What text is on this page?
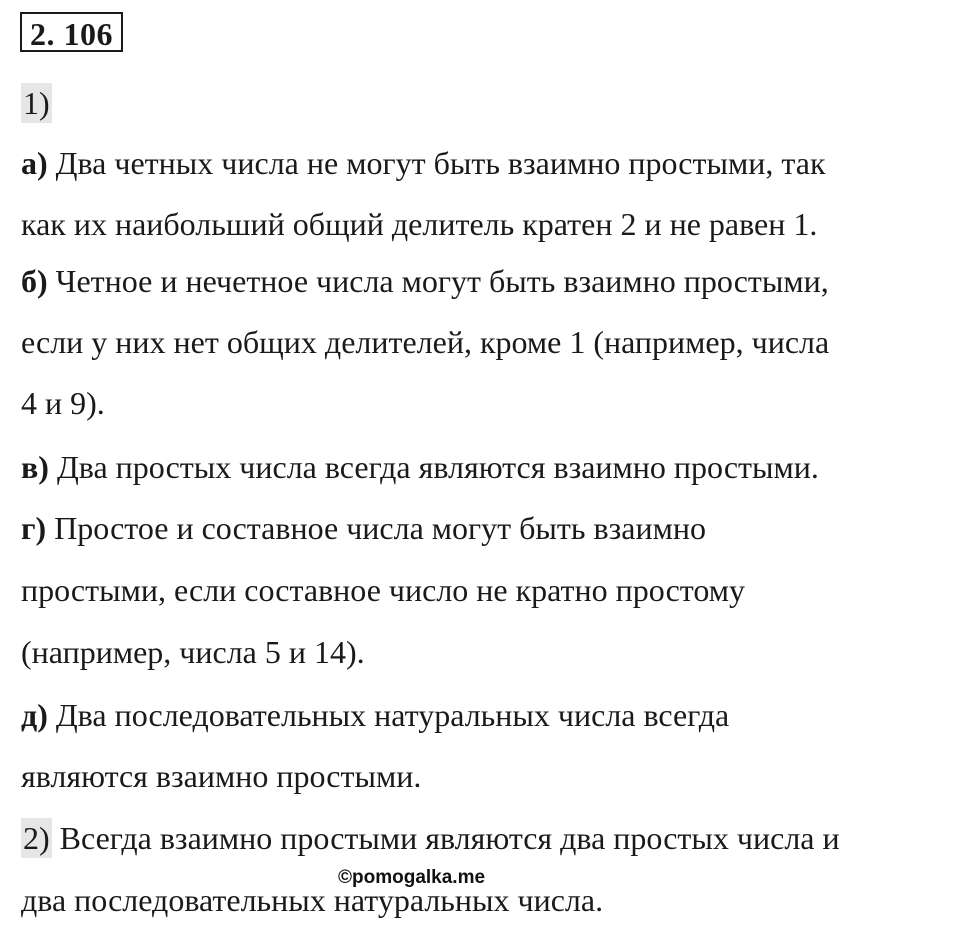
2. 106
1)
а) Два четных числа не могут быть взаимно простыми, так
как их наибольший общий делитель кратен 2 и не равен 1.
б) Четное и нечетное числа могут быть взаимно простыми,
если у них нет общих делителей, кроме 1 (например, числа
4 и 9).
в) Два простых числа всегда являются взаимно простыми.
г) Простое и составное числа могут быть взаимно
простыми, если составное число не кратно простому
(например, числа 5 и 14).
д) Два последовательных натуральных числа всегда
являются взаимно простыми.
2) Всегда взаимно простыми являются два простых числа и
два последовательных натуральных числа.
©pomogalka.me
